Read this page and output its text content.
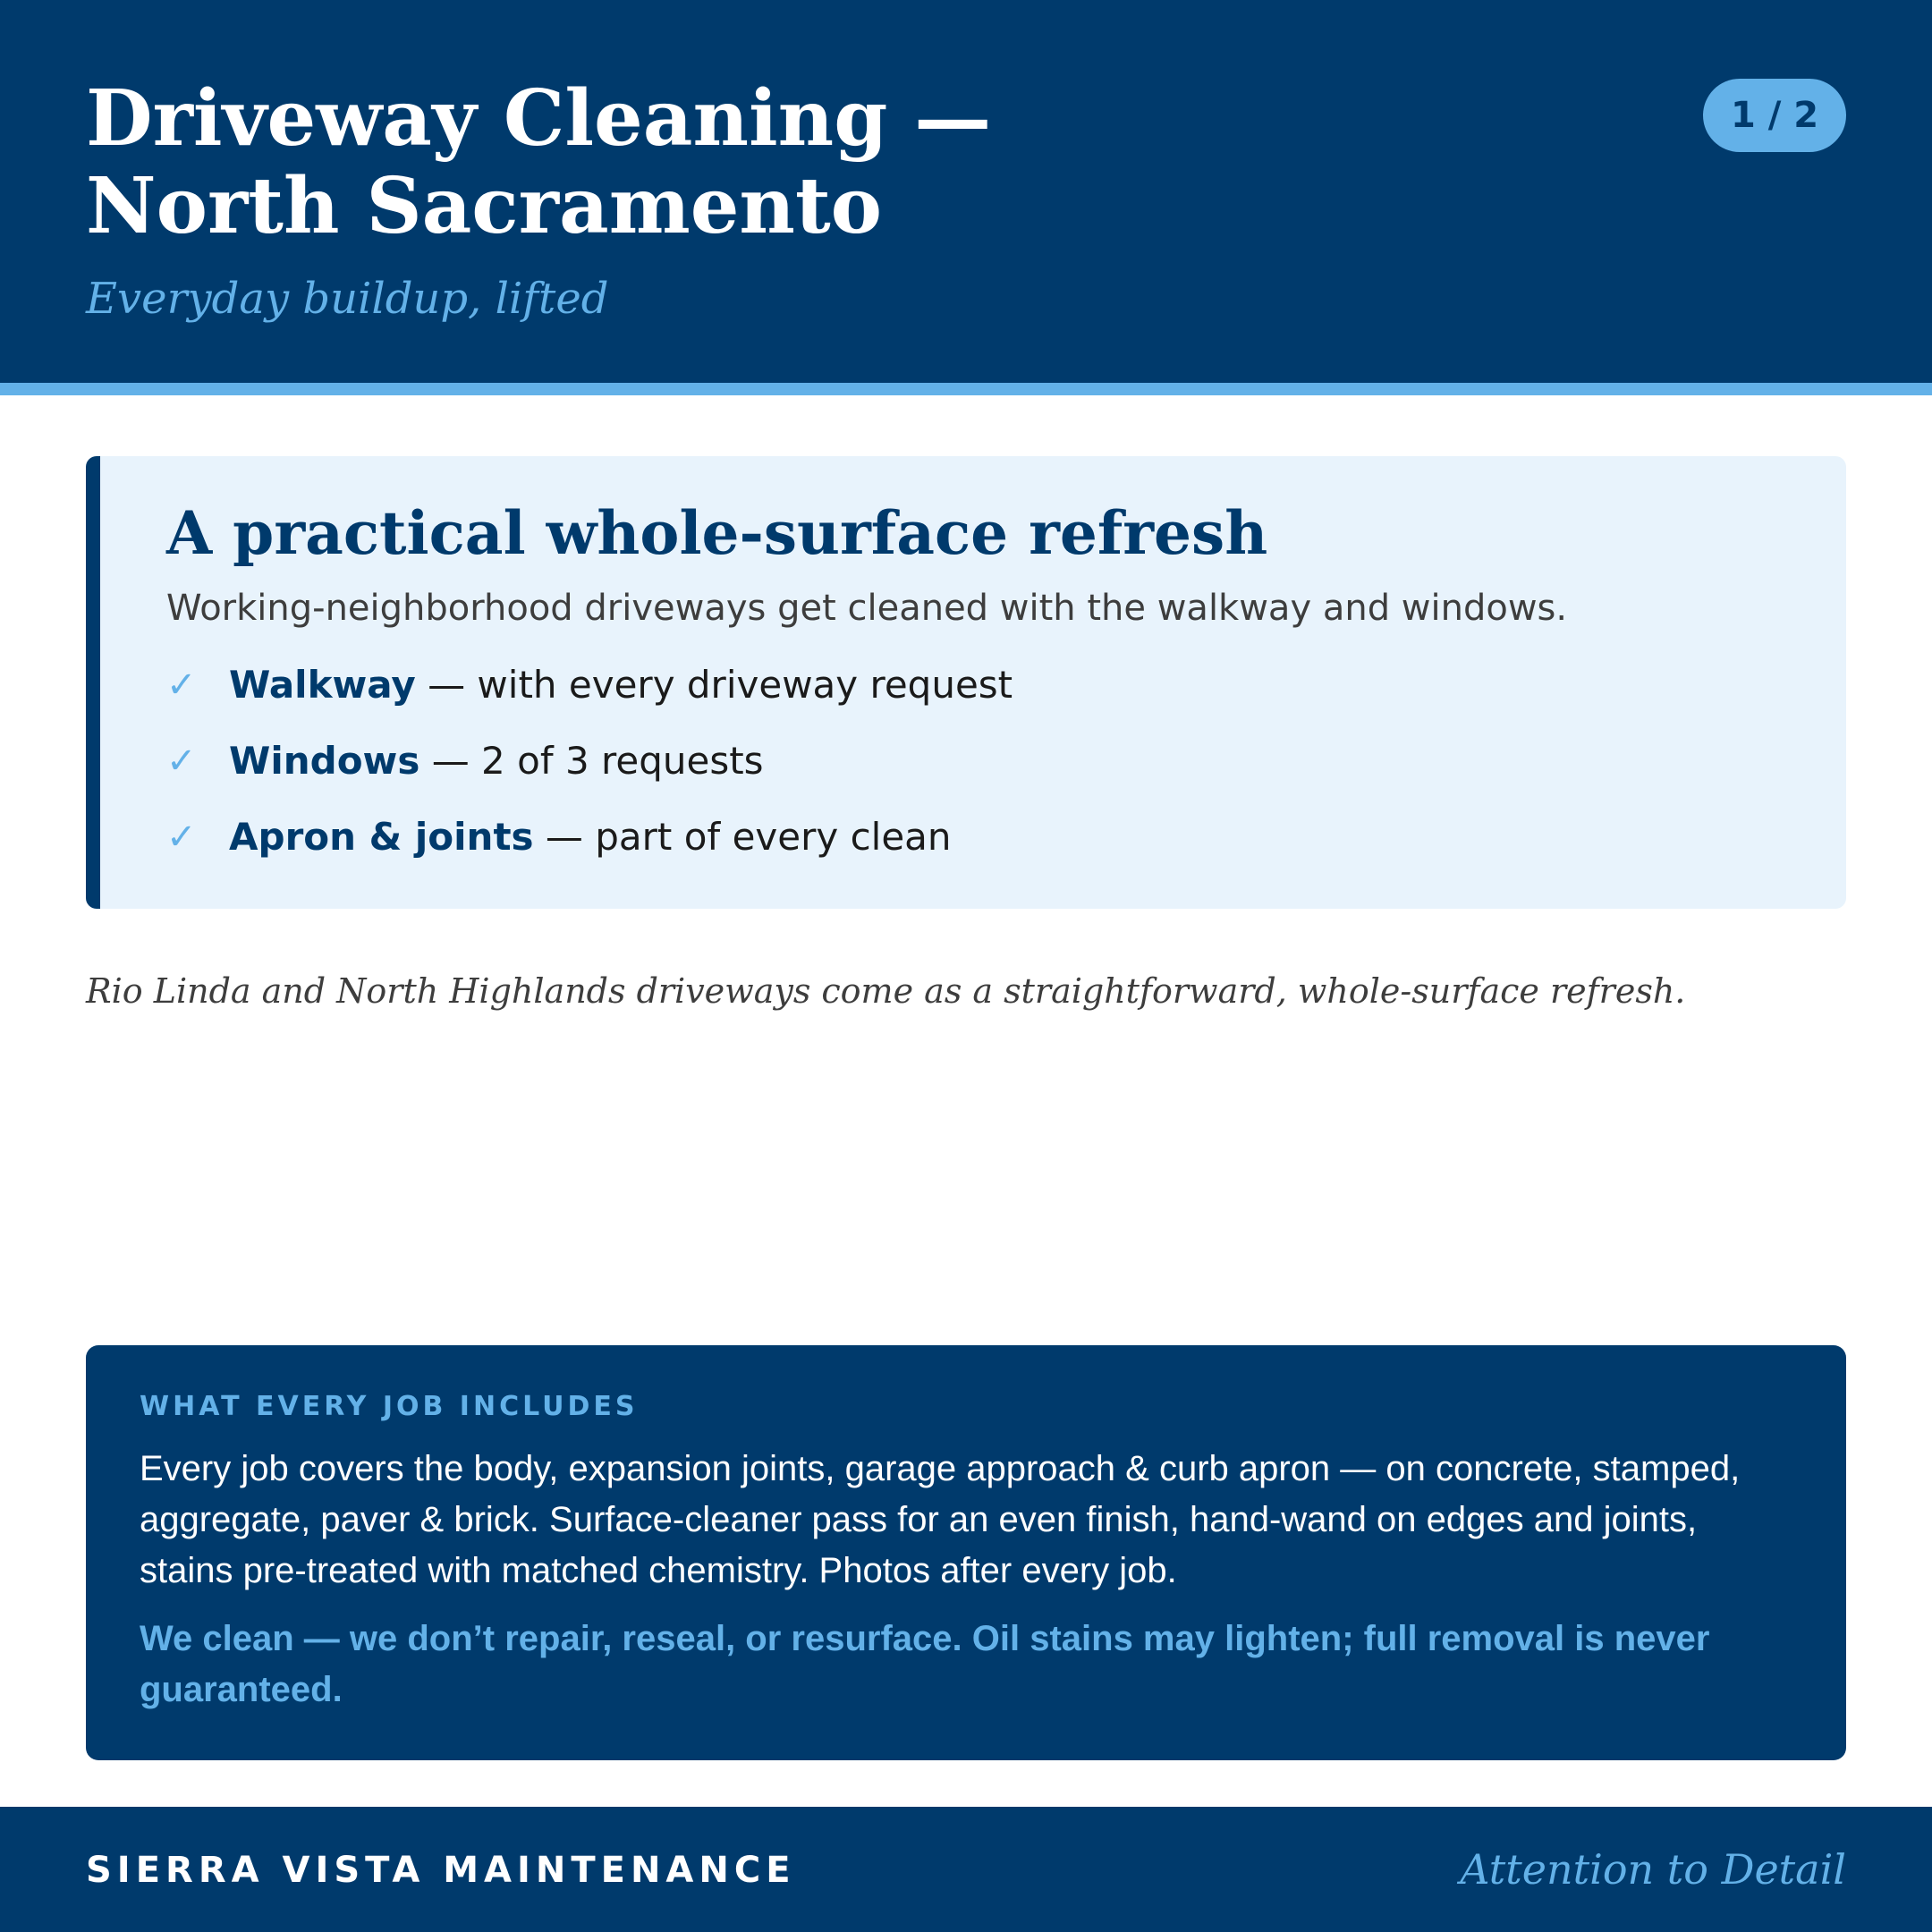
Driveway Cleaning —
North Sacramento
Everyday buildup, lifted
1 / 2
A practical whole-surface refresh

Working-neighborhood driveways get cleaned with the walkway and windows.

✓ Walkway — with every driveway request
✓ Windows — 2 of 3 requests
✓ Apron & joints — part of every clean

Rio Linda and North Highlands driveways come as a straightforward, whole-surface refresh.

WHAT EVERY JOB INCLUDES

Every job covers the body, expansion joints, garage approach & curb apron — on concrete, stamped,
aggregate, paver & brick. Surface-cleaner pass for an even finish, hand-wand on edges and joints,
stains pre-treated with matched chemistry. Photos after every job.

We clean — we don’t repair, reseal, or resurface. Oil stains may lighten; full removal is never
guaranteed.

SIERRA VISTA MAINTENANCE	Attention to Detail
